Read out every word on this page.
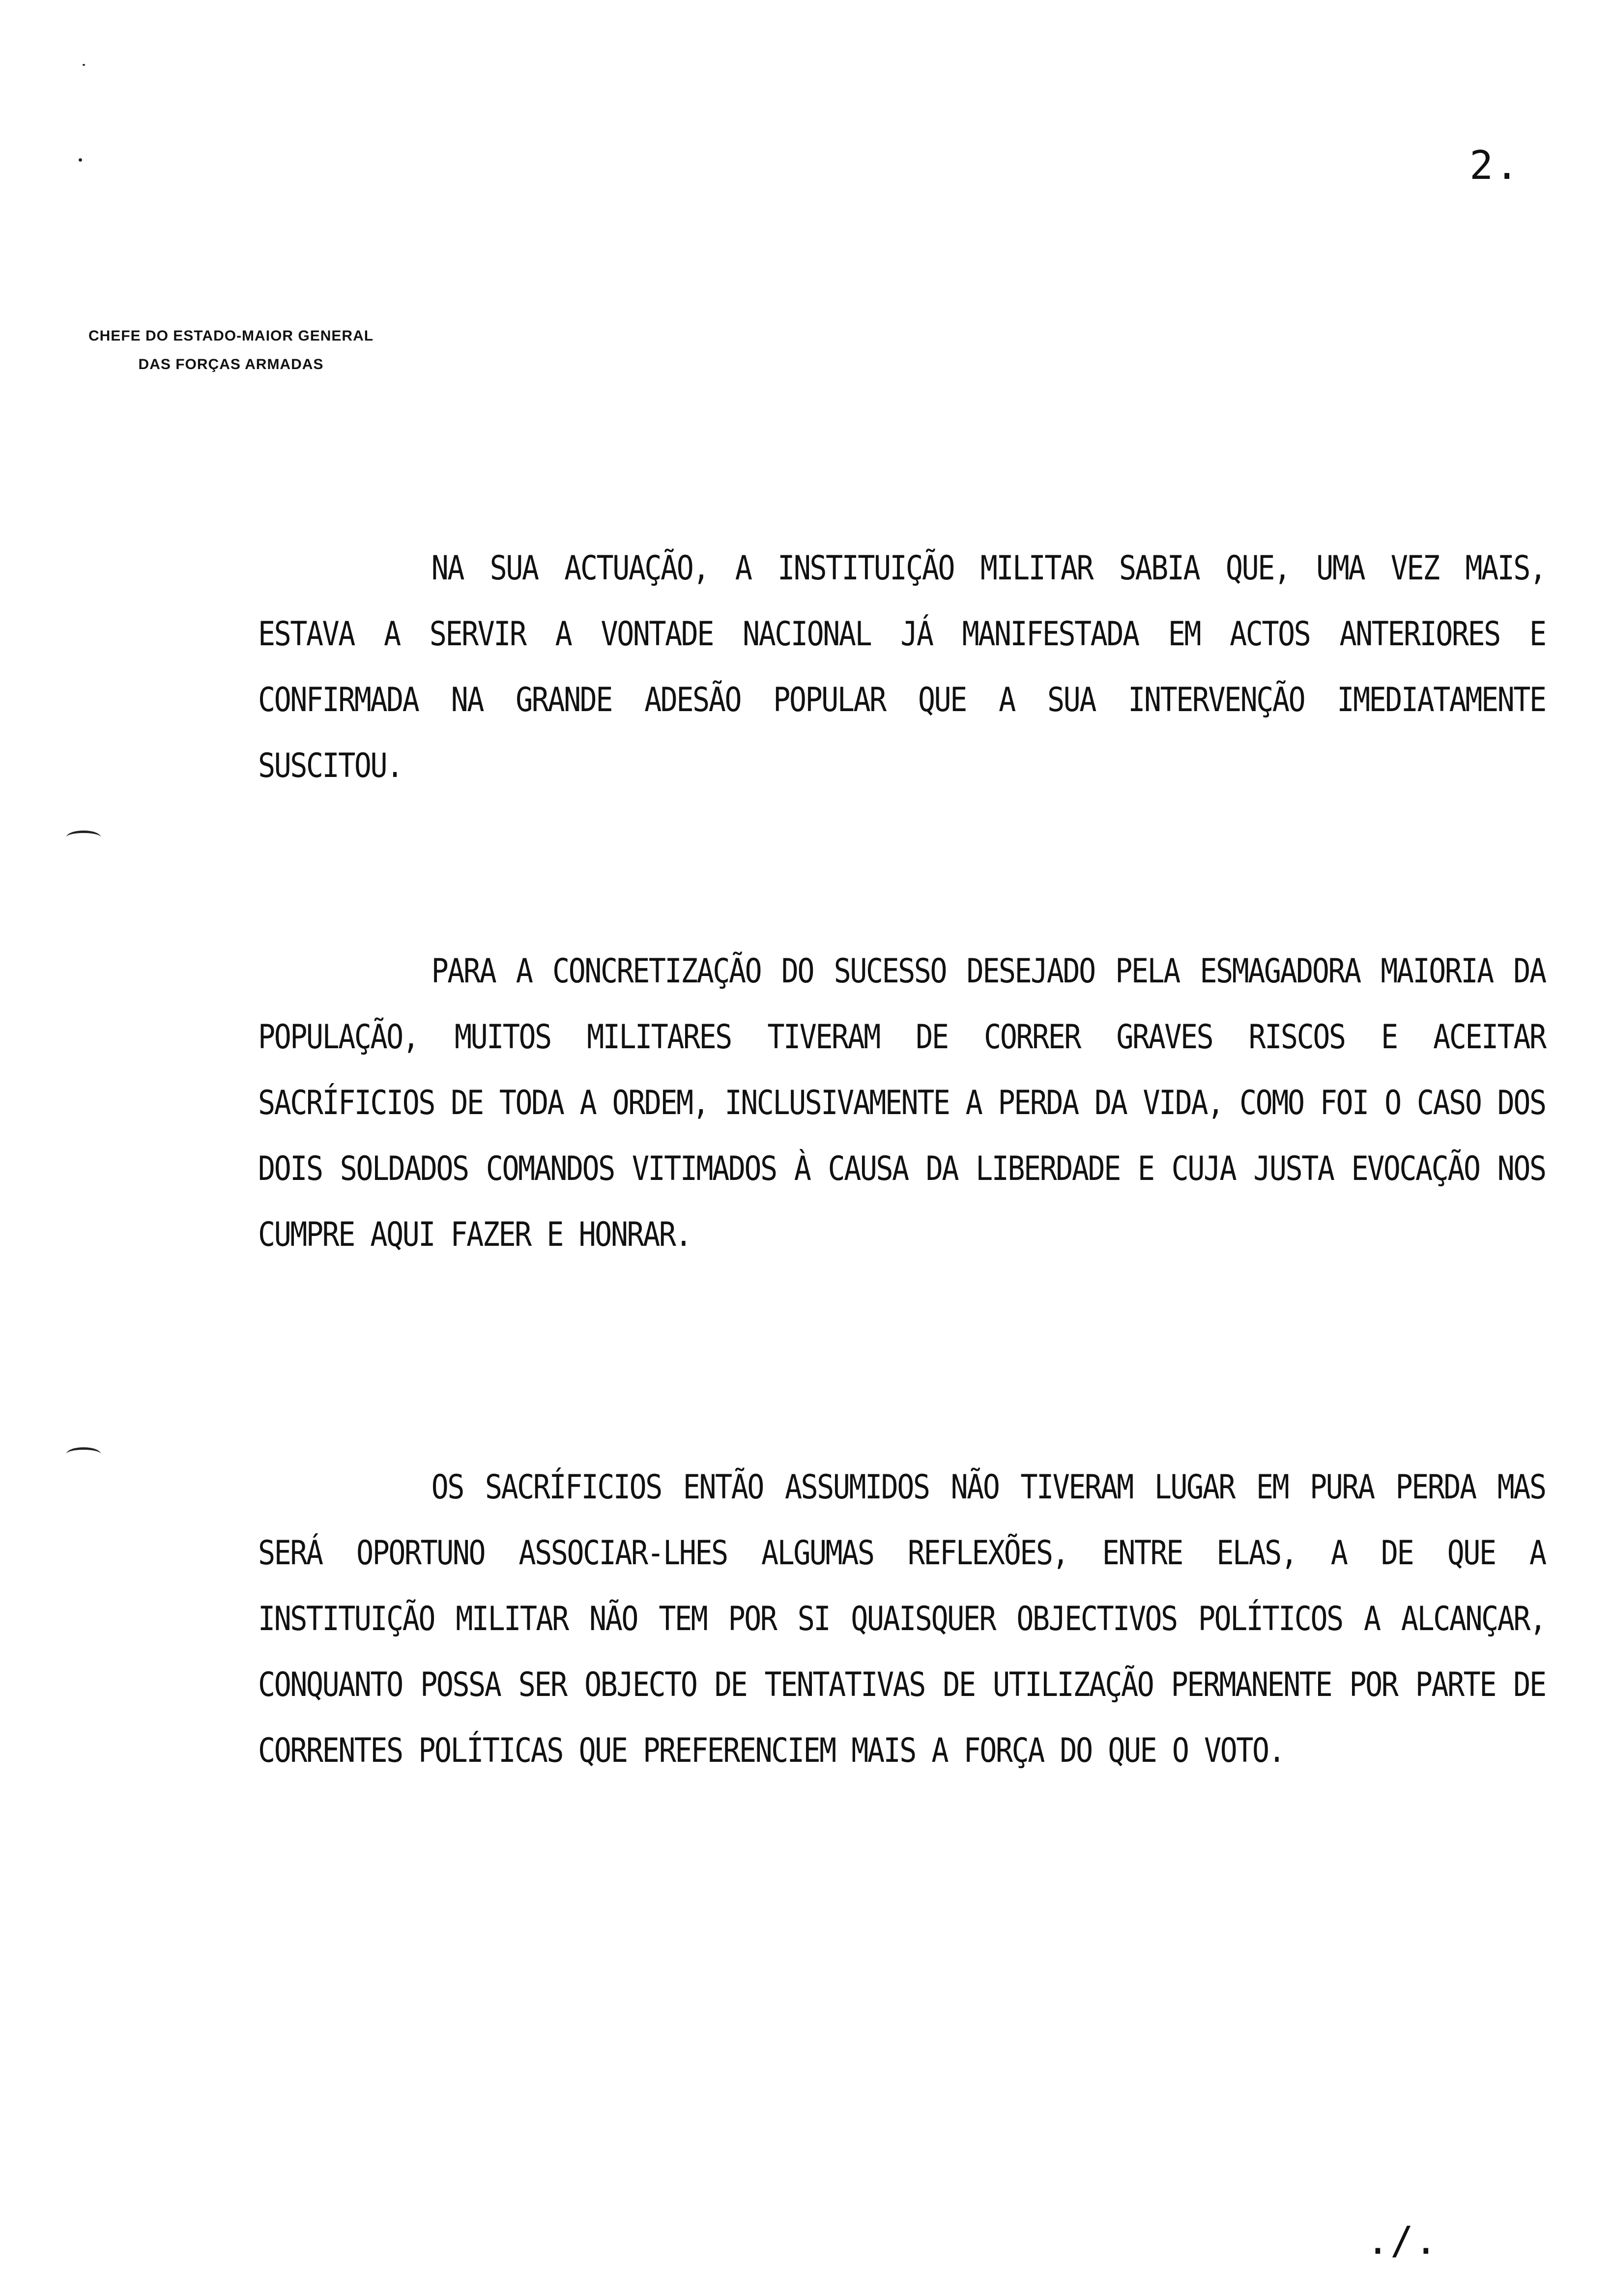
2.
CHEFE DO ESTADO-MAIOR GENERAL
DAS FORÇAS ARMADAS
NA SUA ACTUAÇÃO, A INSTITUIÇÃO MILITAR SABIA QUE, UMA VEZ MAIS, ESTAVA A SERVIR A VONTADE NACIONAL JÁ MANIFESTADA EM ACTOS ANTERIORES E CONFIRMADA NA GRANDE ADESÃO POPULAR QUE A SUA INTERVENÇÃO IMEDIATAMENTE SUSCITOU.
PARA A CONCRETIZAÇÃO DO SUCESSO DESEJADO PELA ESMAGADORA MAIORIA DA POPULAÇÃO, MUITOS MILITARES TIVERAM DE CORRER GRAVES RISCOS E ACEITAR SACRÍFICIOS DE TODA A ORDEM, INCLUSIVAMENTE A PERDA DA VIDA, COMO FOI O CASO DOS DOIS SOLDADOS COMANDOS VITIMADOS À CAUSA DA LIBERDADE E CUJA JUSTA EVOCAÇÃO NOS CUMPRE AQUI FAZER E HONRAR.
OS SACRÍFICIOS ENTÃO ASSUMIDOS NÃO TIVERAM LUGAR EM PURA PERDA MAS SERÁ OPORTUNO ASSOCIAR-LHES ALGUMAS REFLEXÕES, ENTRE ELAS, A DE QUE A INSTITUIÇÃO MILITAR NÃO TEM POR SI QUAISQUER OBJECTIVOS POLÍTICOS A ALCANÇAR, CONQUANTO POSSA SER OBJECTO DE TENTATIVAS DE UTILIZAÇÃO PERMANENTE POR PARTE DE CORRENTES POLÍTICAS QUE PREFERENCIEM MAIS A FORÇA DO QUE O VOTO.
./.
